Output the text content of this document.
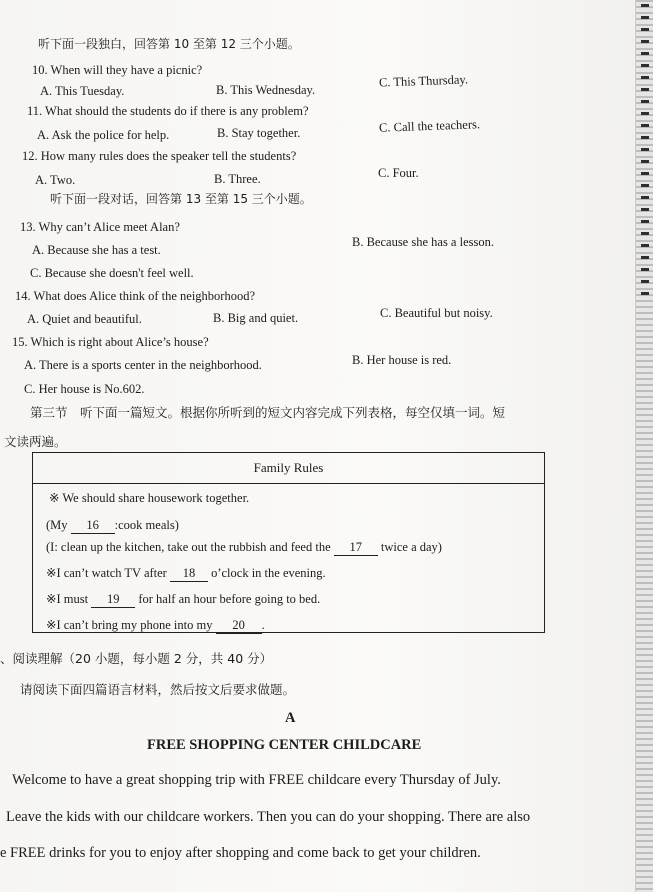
听下面一段独白，回答第 10 至第 12 三个小题。
10. When will they have a picnic?
A. This Tuesday.	B. This Wednesday.
C. This Thursday.
11. What should the students do if there is any problem?
A. Ask the police for help.	B. Stay together.	C. Call the teachers.
12. How many rules does the speaker tell the students?
A. Two.	B. Three.	C. Four.
听下面一段对话，回答第 13 至第 15 三个小题。
13. Why can’t Alice meet Alan?
A. Because she has a test.
B. Because she has a lesson.
C. Because she doesn't feel well.
14. What does Alice think of the neighborhood?
A. Quiet and beautiful.	B. Big and quiet.	C. Beautiful but noisy.
15. Which is right about Alice’s house?
A. There is a sports center in the neighborhood.	B. Her house is red.
C. Her house is No.602.
第三节　听下面一篇短文。根据你所听到的短文内容完成下列表格，每空仅填一词。短
文读两遍。
Family Rules
※ We should share housework together.
(My 16 :cook meals)
(I: clean up the kitchen, take out the rubbish and feed the 17 twice a day)
※I can’t watch TV after 18 o’clock in the evening.
※I must 19 for half an hour before going to bed.
※I can’t bring my phone into my 20 .
、阅读理解（20 小题，每小题 2 分，共 40 分）
请阅读下面四篇语言材料，然后按文后要求做题。
A
FREE SHOPPING CENTER CHILDCARE
Welcome to have a great shopping trip with FREE childcare every Thursday of July.
Leave the kids with our childcare workers. Then you can do your shopping. There are also
e FREE drinks for you to enjoy after shopping and come back to get your children.
